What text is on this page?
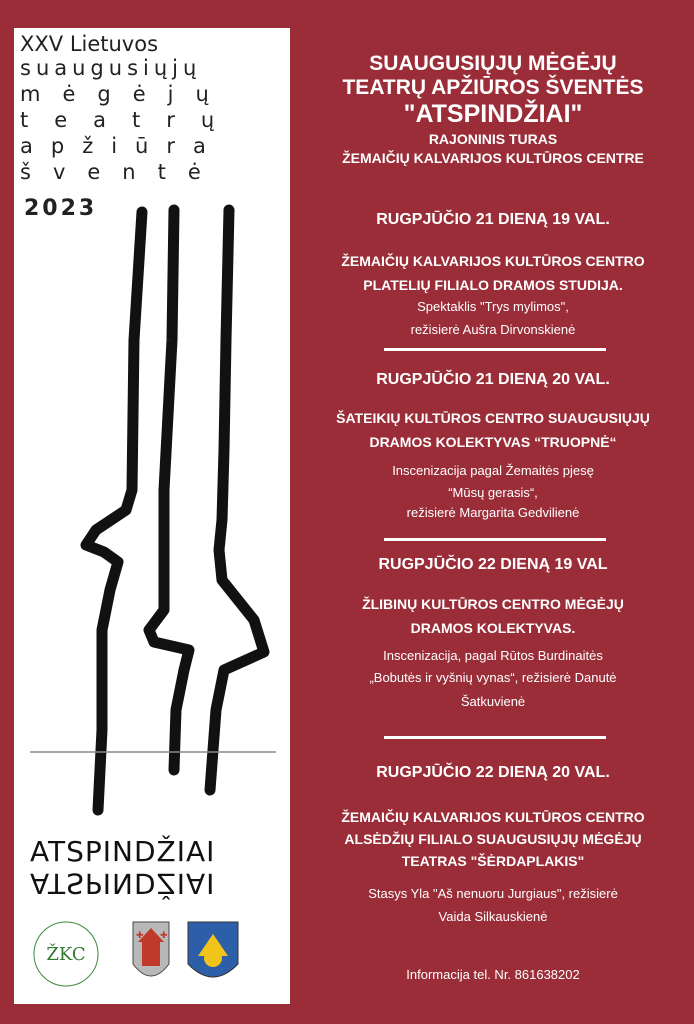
XXV Lietuvos
suaugusiųjų
mėgėjų
teatrų
apžiūra
šventė
2023
ATSPINDŽIAI
ATSPINDŽIAI
ŽKC
✚ ✚
SUAUGUSIŲJŲ MĖGĖJŲ
TEATRŲ APŽIŪROS ŠVENTĖS
"ATSPINDŽIAI"
RAJONINIS TURAS
ŽEMAIČIŲ KALVARIJOS KULTŪROS CENTRE
RUGPJŪČIO 21 DIENĄ 19 VAL.
ŽEMAIČIŲ KALVARIJOS KULTŪROS CENTRO
PLATELIŲ FILIALO DRAMOS STUDIJA.
Spektaklis "Trys mylimos",
režisierė Aušra Dirvonskienė
RUGPJŪČIO 21 DIENĄ 20 VAL.
ŠATEIKIŲ KULTŪROS CENTRO SUAUGUSIŲJŲ
DRAMOS KOLEKTYVAS “TRUOPNĖ“
Inscenizacija pagal Žemaitės pjesę
“Mūsų gerasis“,
režisierė Margarita Gedvilienė
RUGPJŪČIO 22 DIENĄ 19 VAL
ŽLIBINŲ KULTŪROS CENTRO MĖGĖJŲ
DRAMOS KOLEKTYVAS.
Inscenizacija, pagal Rūtos Burdinaitės
„Bobutės ir vyšnių vynas“, režisierė Danutė
Šatkuvienė
RUGPJŪČIO 22 DIENĄ 20 VAL.
ŽEMAIČIŲ KALVARIJOS KULTŪROS CENTRO
ALSĖDŽIŲ FILIALO SUAUGUSIŲJŲ MĖGĖJŲ
TEATRAS "ŠĖRDAPLAKIS"
Stasys Yla "Aš nenuoru Jurgiaus", režisierė
Vaida Silkauskienė
Informacija tel. Nr. 861638202
